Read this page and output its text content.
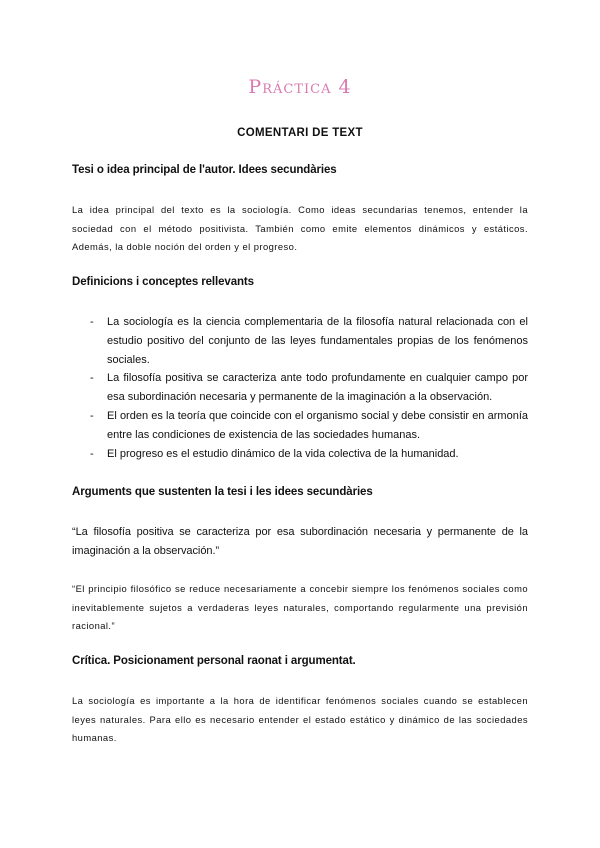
Práctica 4
COMENTARI DE TEXT
Tesi o idea principal de l'autor. Idees secundàries
La idea principal del texto es la sociología. Como ideas secundarias tenemos, entender la sociedad con el método positivista. También como emite elementos dinámicos y estáticos. Además, la doble noción del orden y el progreso.
Definicions i conceptes rellevants
- La sociología es la ciencia complementaria de la filosofía natural relacionada con el estudio positivo del conjunto de las leyes fundamentales propias de los fenómenos sociales.
- La filosofía positiva se caracteriza ante todo profundamente en cualquier campo por esa subordinación necesaria y permanente de la imaginación a la observación.
- El orden es la teoría que coincide con el organismo social y debe consistir en armonía entre las condiciones de existencia de las sociedades humanas.
- El progreso es el estudio dinámico de la vida colectiva de la humanidad.
Arguments que sustenten la tesi i les idees secundàries
“La filosofía positiva se caracteriza por esa subordinación necesaria y permanente de la imaginación a la observación.”
“El principio filosófico se reduce necesariamente a concebir siempre los fenómenos sociales como inevitablemente sujetos a verdaderas leyes naturales, comportando regularmente una previsión racional.”
Crítica. Posicionament personal raonat i argumentat.
La sociología es importante a la hora de identificar fenómenos sociales cuando se establecen leyes naturales. Para ello es necesario entender el estado estático y dinámico de las sociedades humanas.
